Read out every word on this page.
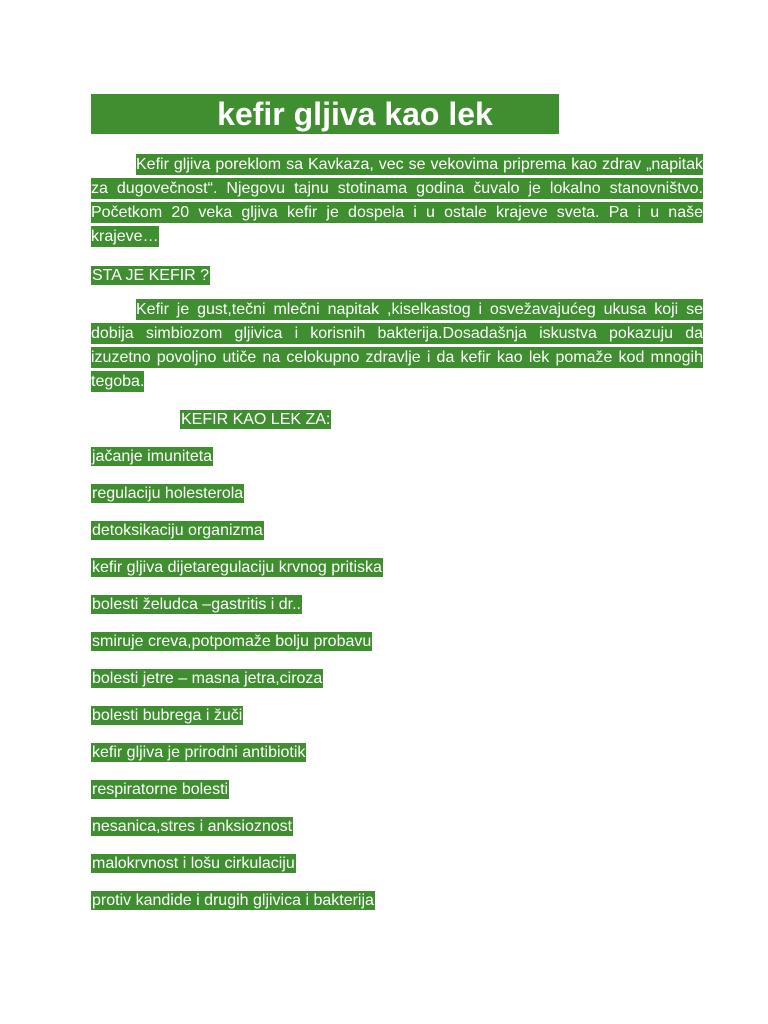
kefir gljiva kao lek
Kefir gljiva poreklom sa Kavkaza, vec se vekovima priprema kao zdrav „napitak za dugovečnost“. Njegovu tajnu stotinama godina čuvalo je lokalno stanovništvo. Početkom 20 veka gljiva kefir je dospela i u ostale krajeve sveta. Pa i u naše krajeve…
STA JE KEFIR ?
Kefir je gust,tečni mlečni napitak ,kiselkastog i osvežavajućeg ukusa koji se dobija simbiozom gljivica i korisnih bakterija.Dosadašnja iskustva pokazuju da izuzetno povoljno utiče na celokupno zdravlje i da kefir kao lek pomaže kod mnogih tegoba.
KEFIR KAO LEK ZA:
jačanje imuniteta
regulaciju holesterola
detoksikaciju organizma
kefir gljiva dijetaregulaciju krvnog pritiska
bolesti želudca –gastritis i dr..
smiruje creva,potpomaže bolju probavu
bolesti jetre – masna jetra,ciroza
bolesti bubrega i žuči
kefir gljiva je prirodni antibiotik
respiratorne bolesti
nesanica,stres i anksioznost
malokrvnost i lošu cirkulaciju
protiv kandide i drugih gljivica i bakterija
